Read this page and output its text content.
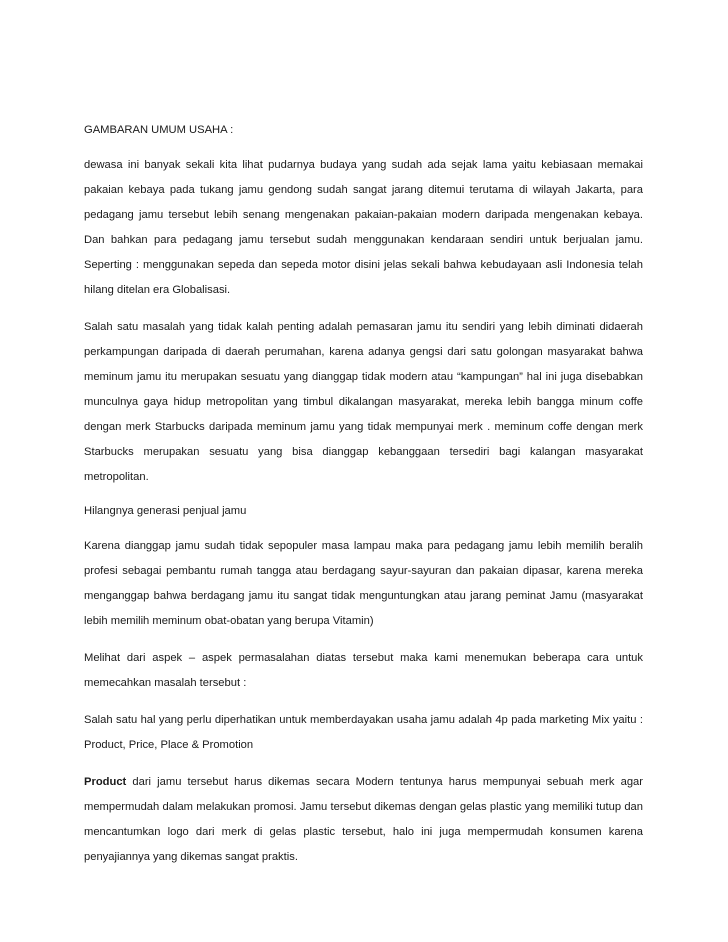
GAMBARAN UMUM USAHA :

dewasa ini banyak sekali kita lihat pudarnya budaya yang sudah ada sejak lama yaitu kebiasaan memakai pakaian kebaya pada tukang jamu gendong sudah sangat jarang ditemui terutama di wilayah Jakarta, para pedagang jamu tersebut lebih senang mengenakan pakaian-pakaian modern daripada mengenakan kebaya. Dan bahkan para pedagang jamu tersebut sudah menggunakan kendaraan sendiri untuk berjualan jamu. Seperting : menggunakan sepeda dan sepeda motor disini jelas sekali bahwa kebudayaan asli Indonesia telah hilang ditelan era Globalisasi.

Salah satu masalah yang tidak kalah penting adalah pemasaran jamu itu sendiri yang lebih diminati didaerah perkampungan daripada di daerah perumahan, karena adanya gengsi dari satu golongan masyarakat bahwa meminum jamu itu merupakan sesuatu yang dianggap tidak modern atau “kampungan” hal ini juga disebabkan munculnya gaya hidup metropolitan yang timbul dikalangan masyarakat, mereka lebih bangga minum coffe dengan merk Starbucks daripada meminum jamu yang tidak mempunyai merk . meminum coffe dengan merk Starbucks merupakan sesuatu yang bisa dianggap kebanggaan tersediri bagi kalangan masyarakat metropolitan.

Hilangnya generasi penjual jamu

Karena dianggap jamu sudah tidak sepopuler masa lampau maka para pedagang jamu lebih memilih beralih profesi sebagai pembantu rumah tangga atau berdagang sayur-sayuran dan pakaian dipasar, karena mereka menganggap bahwa berdagang jamu itu sangat tidak menguntungkan atau jarang peminat Jamu (masyarakat lebih memilih meminum obat-obatan yang berupa Vitamin)

Melihat dari aspek – aspek permasalahan diatas tersebut maka kami menemukan beberapa cara untuk memecahkan masalah tersebut :

Salah satu hal yang perlu diperhatikan untuk memberdayakan usaha jamu adalah 4p pada marketing Mix yaitu : Product, Price, Place & Promotion

Product dari jamu tersebut harus dikemas secara Modern tentunya harus mempunyai sebuah merk agar mempermudah dalam melakukan promosi. Jamu tersebut dikemas dengan gelas plastic yang memiliki tutup dan mencantumkan logo dari merk di gelas plastic tersebut, halo ini juga mempermudah konsumen karena penyajiannya yang dikemas sangat praktis.
